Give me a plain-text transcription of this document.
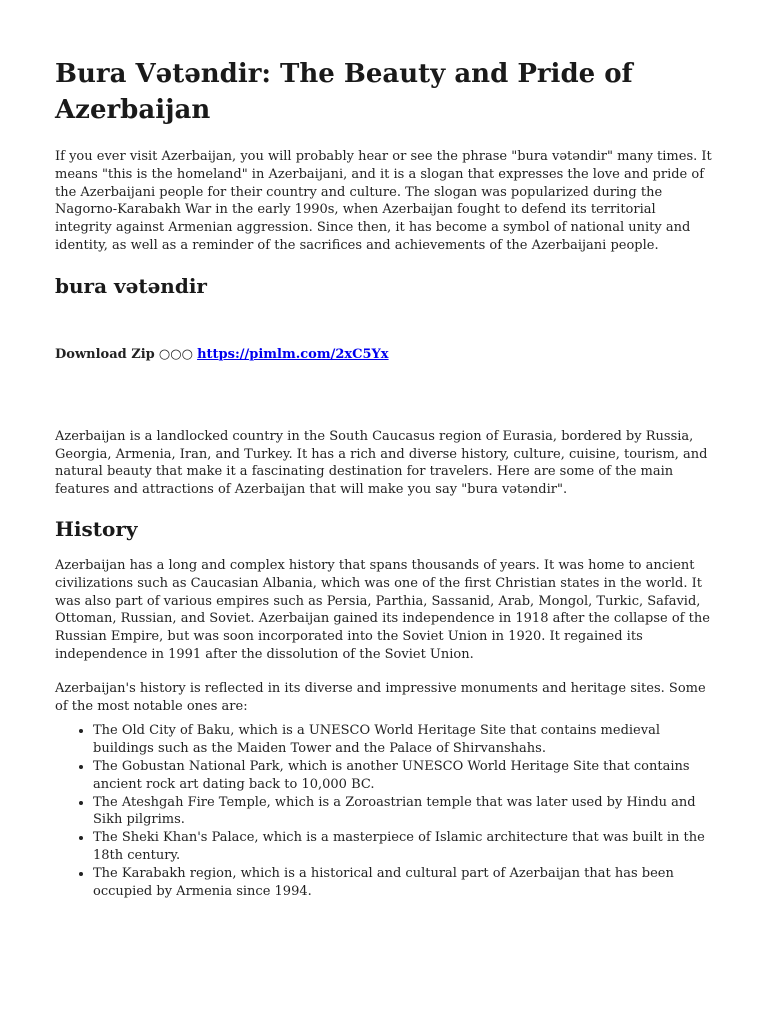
Bura Vətəndir: The Beauty and Pride of Azerbaijan

If you ever visit Azerbaijan, you will probably hear or see the phrase "bura vətəndir" many times. It means "this is the homeland" in Azerbaijani, and it is a slogan that expresses the love and pride of the Azerbaijani people for their country and culture. The slogan was popularized during the Nagorno-Karabakh War in the early 1990s, when Azerbaijan fought to defend its territorial integrity against Armenian aggression. Since then, it has become a symbol of national unity and identity, as well as a reminder of the sacrifices and achievements of the Azerbaijani people.

bura vətəndir

Download Zip ○○○ https://pimlm.com/2xC5Yx

Azerbaijan is a landlocked country in the South Caucasus region of Eurasia, bordered by Russia, Georgia, Armenia, Iran, and Turkey. It has a rich and diverse history, culture, cuisine, tourism, and natural beauty that make it a fascinating destination for travelers. Here are some of the main features and attractions of Azerbaijan that will make you say "bura vətəndir".

History

Azerbaijan has a long and complex history that spans thousands of years. It was home to ancient civilizations such as Caucasian Albania, which was one of the first Christian states in the world. It was also part of various empires such as Persia, Parthia, Sassanid, Arab, Mongol, Turkic, Safavid, Ottoman, Russian, and Soviet. Azerbaijan gained its independence in 1918 after the collapse of the Russian Empire, but was soon incorporated into the Soviet Union in 1920. It regained its independence in 1991 after the dissolution of the Soviet Union.

Azerbaijan's history is reflected in its diverse and impressive monuments and heritage sites. Some of the most notable ones are:

• The Old City of Baku, which is a UNESCO World Heritage Site that contains medieval buildings such as the Maiden Tower and the Palace of Shirvanshahs.
• The Gobustan National Park, which is another UNESCO World Heritage Site that contains ancient rock art dating back to 10,000 BC.
• The Ateshgah Fire Temple, which is a Zoroastrian temple that was later used by Hindu and Sikh pilgrims.
• The Sheki Khan's Palace, which is a masterpiece of Islamic architecture that was built in the 18th century.
• The Karabakh region, which is a historical and cultural part of Azerbaijan that has been occupied by Armenia since 1994.
